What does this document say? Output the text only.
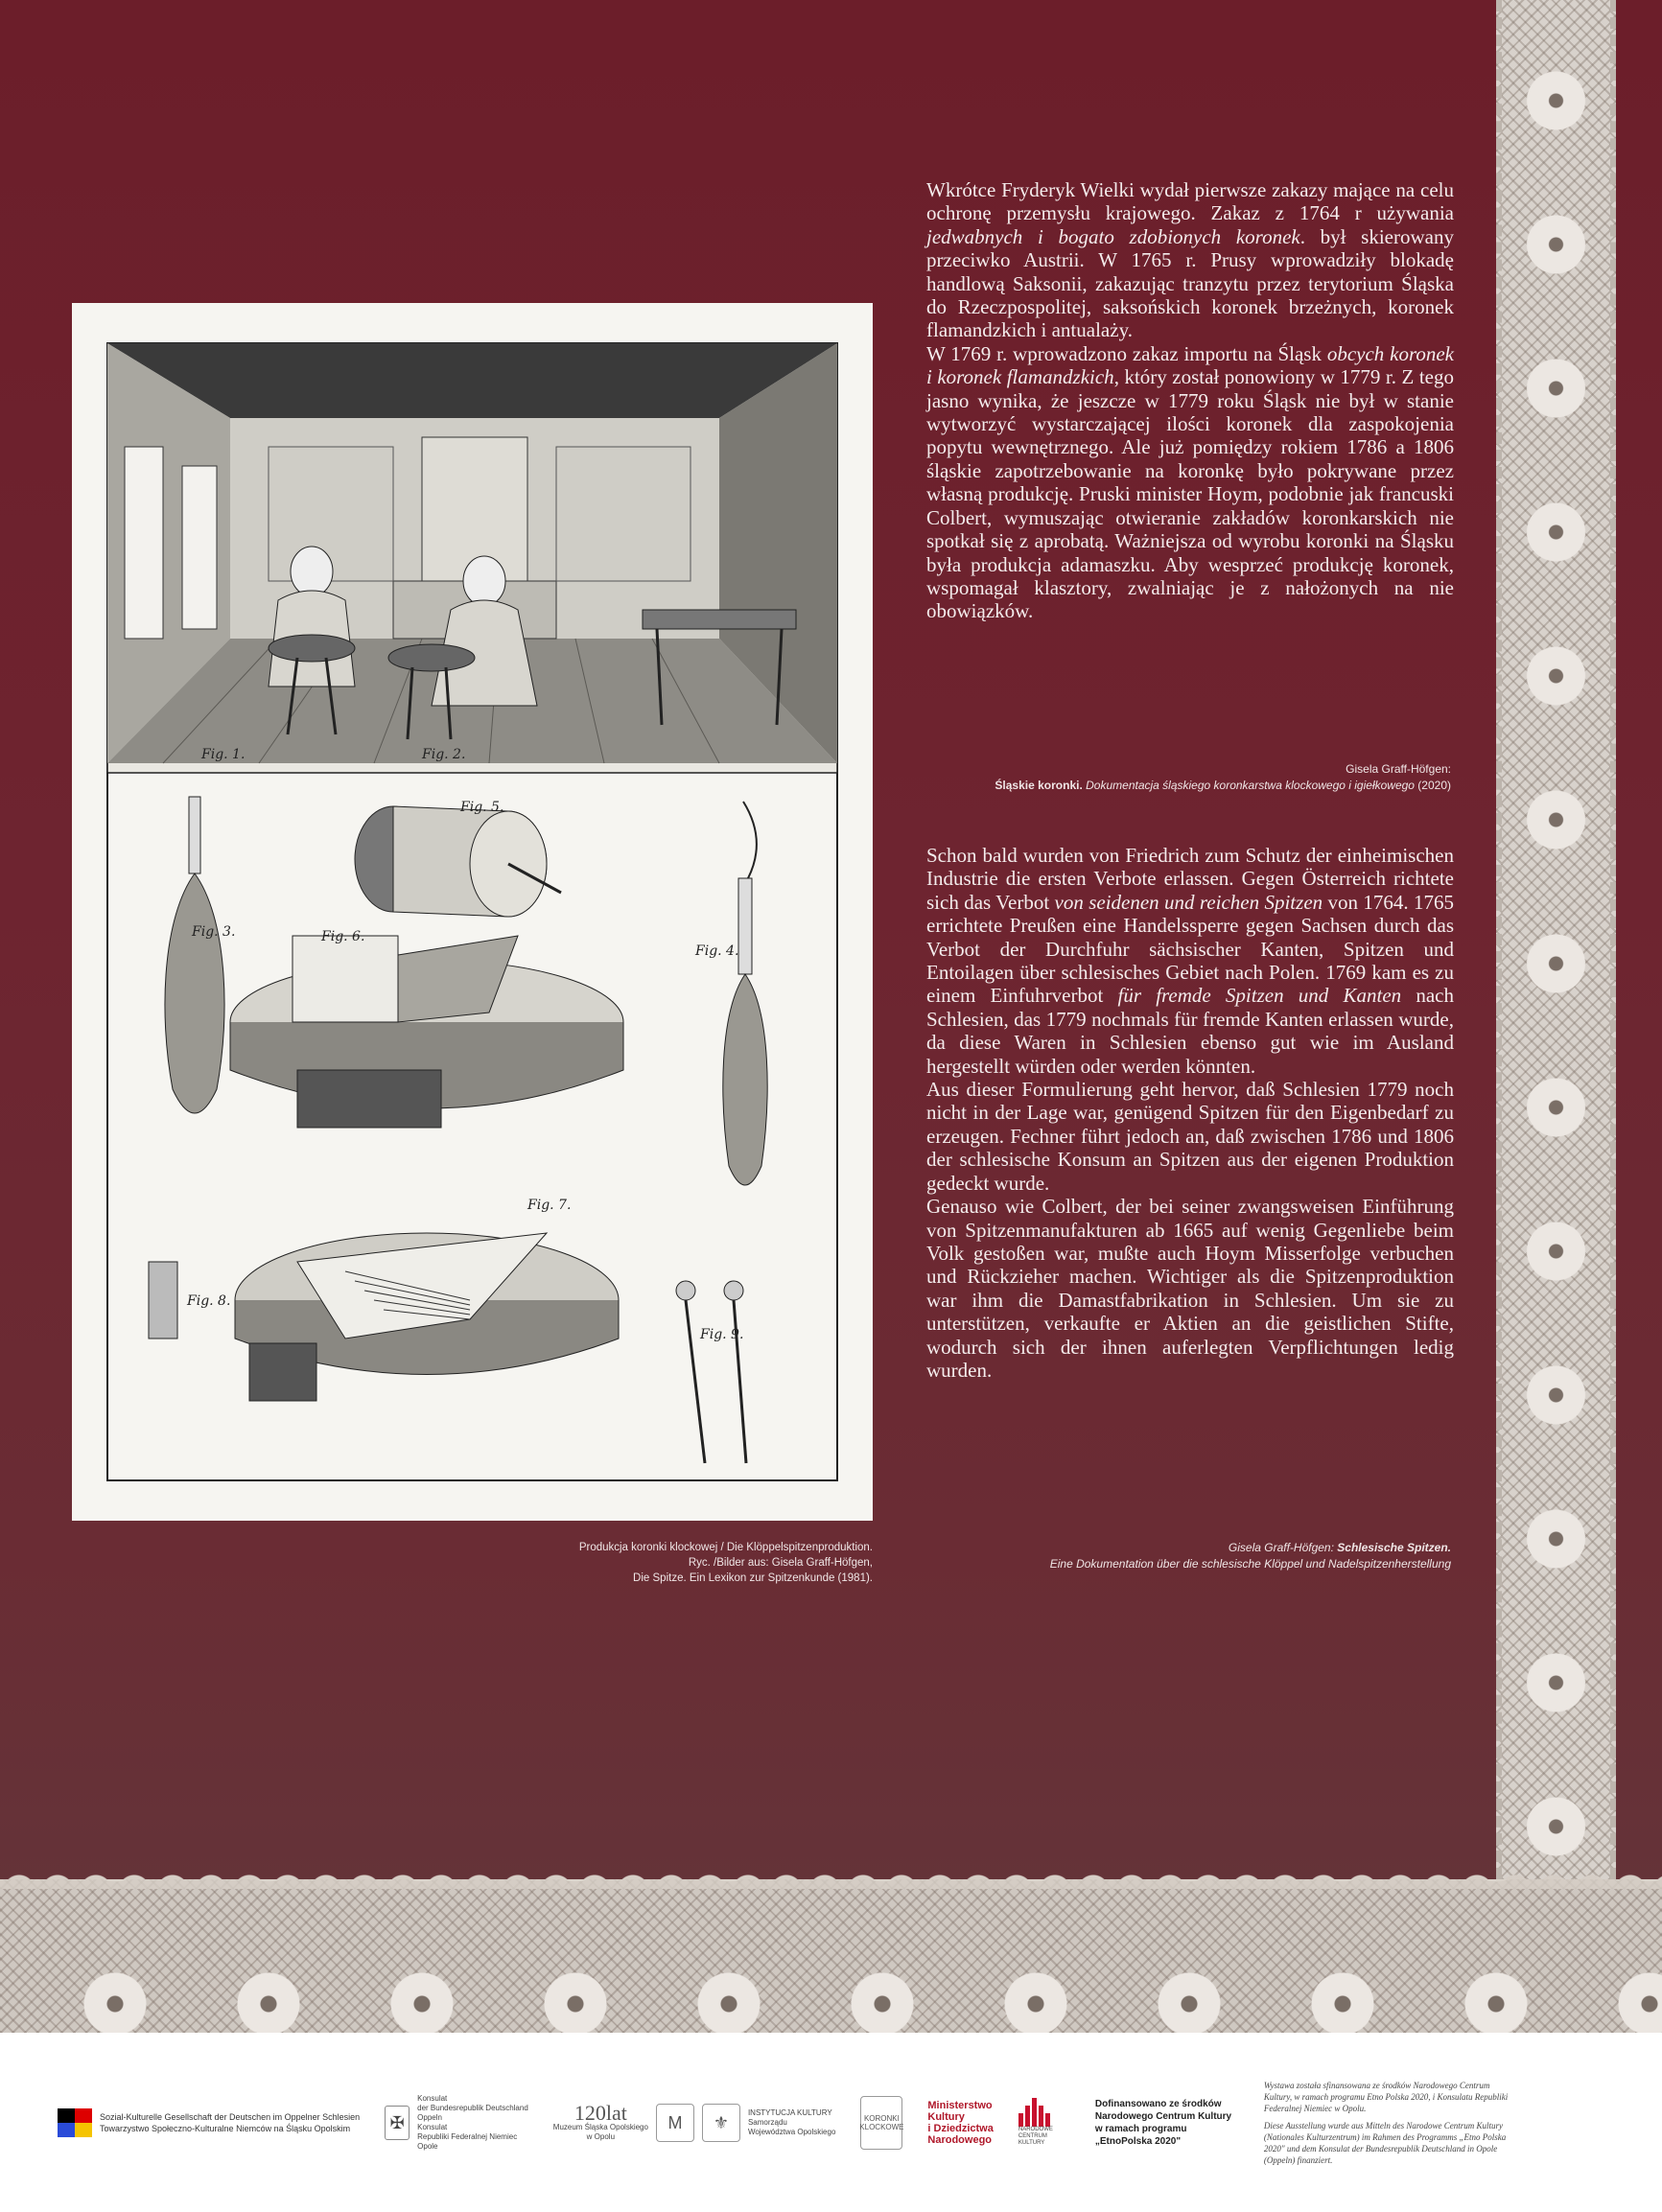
Fig. 1.	Fig. 2.
Fig. 3.
Fig. 5.
Fig. 6.
Fig. 4.
Fig. 7.
Fig. 8.
Fig. 9.
Produkcja koronki klockowej / Die Klöppelspitzenproduktion.
Ryc. /Bilder aus: Gisela Graff-Höfgen,
Die Spitze. Ein Lexikon zur Spitzenkunde (1981).

Wkrótce Fryderyk Wielki wydał pierwsze zakazy mające na celu ochronę przemysłu krajowego. Zakaz z 1764 r używania jedwabnych i bogato zdobionych koronek. był skierowany przeciwko Austrii. W 1765 r. Prusy wprowadziły blokadę handlową Saksonii, zakazując tranzytu przez terytorium Śląska do Rzeczpospolitej, saksońskich koronek brzeżnych, koronek flamandzkich i antualaży.

W 1769 r. wprowadzono zakaz importu na Śląsk obcych koronek i koronek flamandzkich, który został ponowiony w 1779 r. Z tego jasno wynika, że jeszcze w 1779 roku Śląsk nie był w stanie wytworzyć wystarczającej ilości koronek dla zaspokojenia popytu wewnętrznego. Ale już pomiędzy rokiem 1786 a 1806 śląskie zapotrzebowanie na koronkę było pokrywane przez własną produkcję. Pruski minister Hoym, podobnie jak francuski Colbert, wymuszając otwieranie zakładów koronkarskich nie spotkał się z aprobatą. Ważniejsza od wyrobu koronki na Śląsku była produkcja adamaszku. Aby wesprzeć produkcję koronek, wspomagał klasztory, zwalniając je z nałożonych na nie obowiązków.

Gisela Graff-Höfgen:
Śląskie koronki. Dokumentacja śląskiego koronkarstwa klockowego i igiełkowego (2020)

Schon bald wurden von Friedrich zum Schutz der einheimischen Industrie die ersten Verbote erlassen. Gegen Österreich richtete sich das Verbot von seidenen und reichen Spitzen von 1764. 1765 errichtete Preußen eine Handelssperre gegen Sachsen durch das Verbot der Durchfuhr sächsischer Kanten, Spitzen und Entoilagen über schlesisches Gebiet nach Polen. 1769 kam es zu einem Einfuhrverbot für fremde Spitzen und Kanten nach Schlesien, das 1779 nochmals für fremde Kanten erlassen wurde, da diese Waren in Schlesien ebenso gut wie im Ausland hergestellt würden oder werden könnten.

Aus dieser Formulierung geht hervor, daß Schlesien 1779 noch nicht in der Lage war, genügend Spitzen für den Eigenbedarf zu erzeugen. Fechner führt jedoch an, daß zwischen 1786 und 1806 der schlesische Konsum an Spitzen aus der eigenen Produktion gedeckt wurde.

Genauso wie Colbert, der bei seiner zwangsweisen Einführung von Spitzenmanufakturen ab 1665 auf wenig Gegenliebe beim Volk gestoßen war, mußte auch Hoym Misserfolge verbuchen und Rückzieher machen. Wichtiger als die Spitzenproduktion war ihm die Damastfabrikation in Schlesien. Um sie zu unterstützen, verkaufte er Aktien an die geistlichen Stifte, wodurch sich der ihnen auferlegten Verpflichtungen ledig wurden.

Gisela Graff-Höfgen: Schlesische Spitzen.
Eine Dokumentation über die schlesische Klöppel und Nadelspitzenherstellung
Sozial-Kulturelle Gesellschaft der Deutschen im Oppelner Schlesien
Towarzystwo Społeczno-Kulturalne Niemców na Śląsku Opolskim	✠
Konsulat
der Bundesrepublik Deutschland
Oppeln
Konsulat
Republiki Federalnej Niemiec
Opole
120lat
Muzeum Śląska Opolskiego
w Opolu
M	⚜
INSTYTUCJA KULTURY
Samorządu
Województwa Opolskiego
KORONKI KLOCKOWE
Ministerstwo
Kultury
i Dziedzictwa
Narodowego
NARODOWE CENTRUM KULTURY
Dofinansowano ze środków
Narodowego Centrum Kultury
w ramach programu
„EtnoPolska 2020"
Wystawa została sfinansowana ze środków Narodowego Centrum Kultury, w ramach programu Etno Polska 2020, i Konsulatu Republiki Federalnej Niemiec w Opolu.
Diese Ausstellung wurde aus Mitteln des Narodowe Centrum Kultury (Nationales Kulturzentrum) im Rahmen des Programms „Etno Polska 2020" und dem Konsulat der Bundesrepublik Deutschland in Opole (Oppeln) finanziert.
